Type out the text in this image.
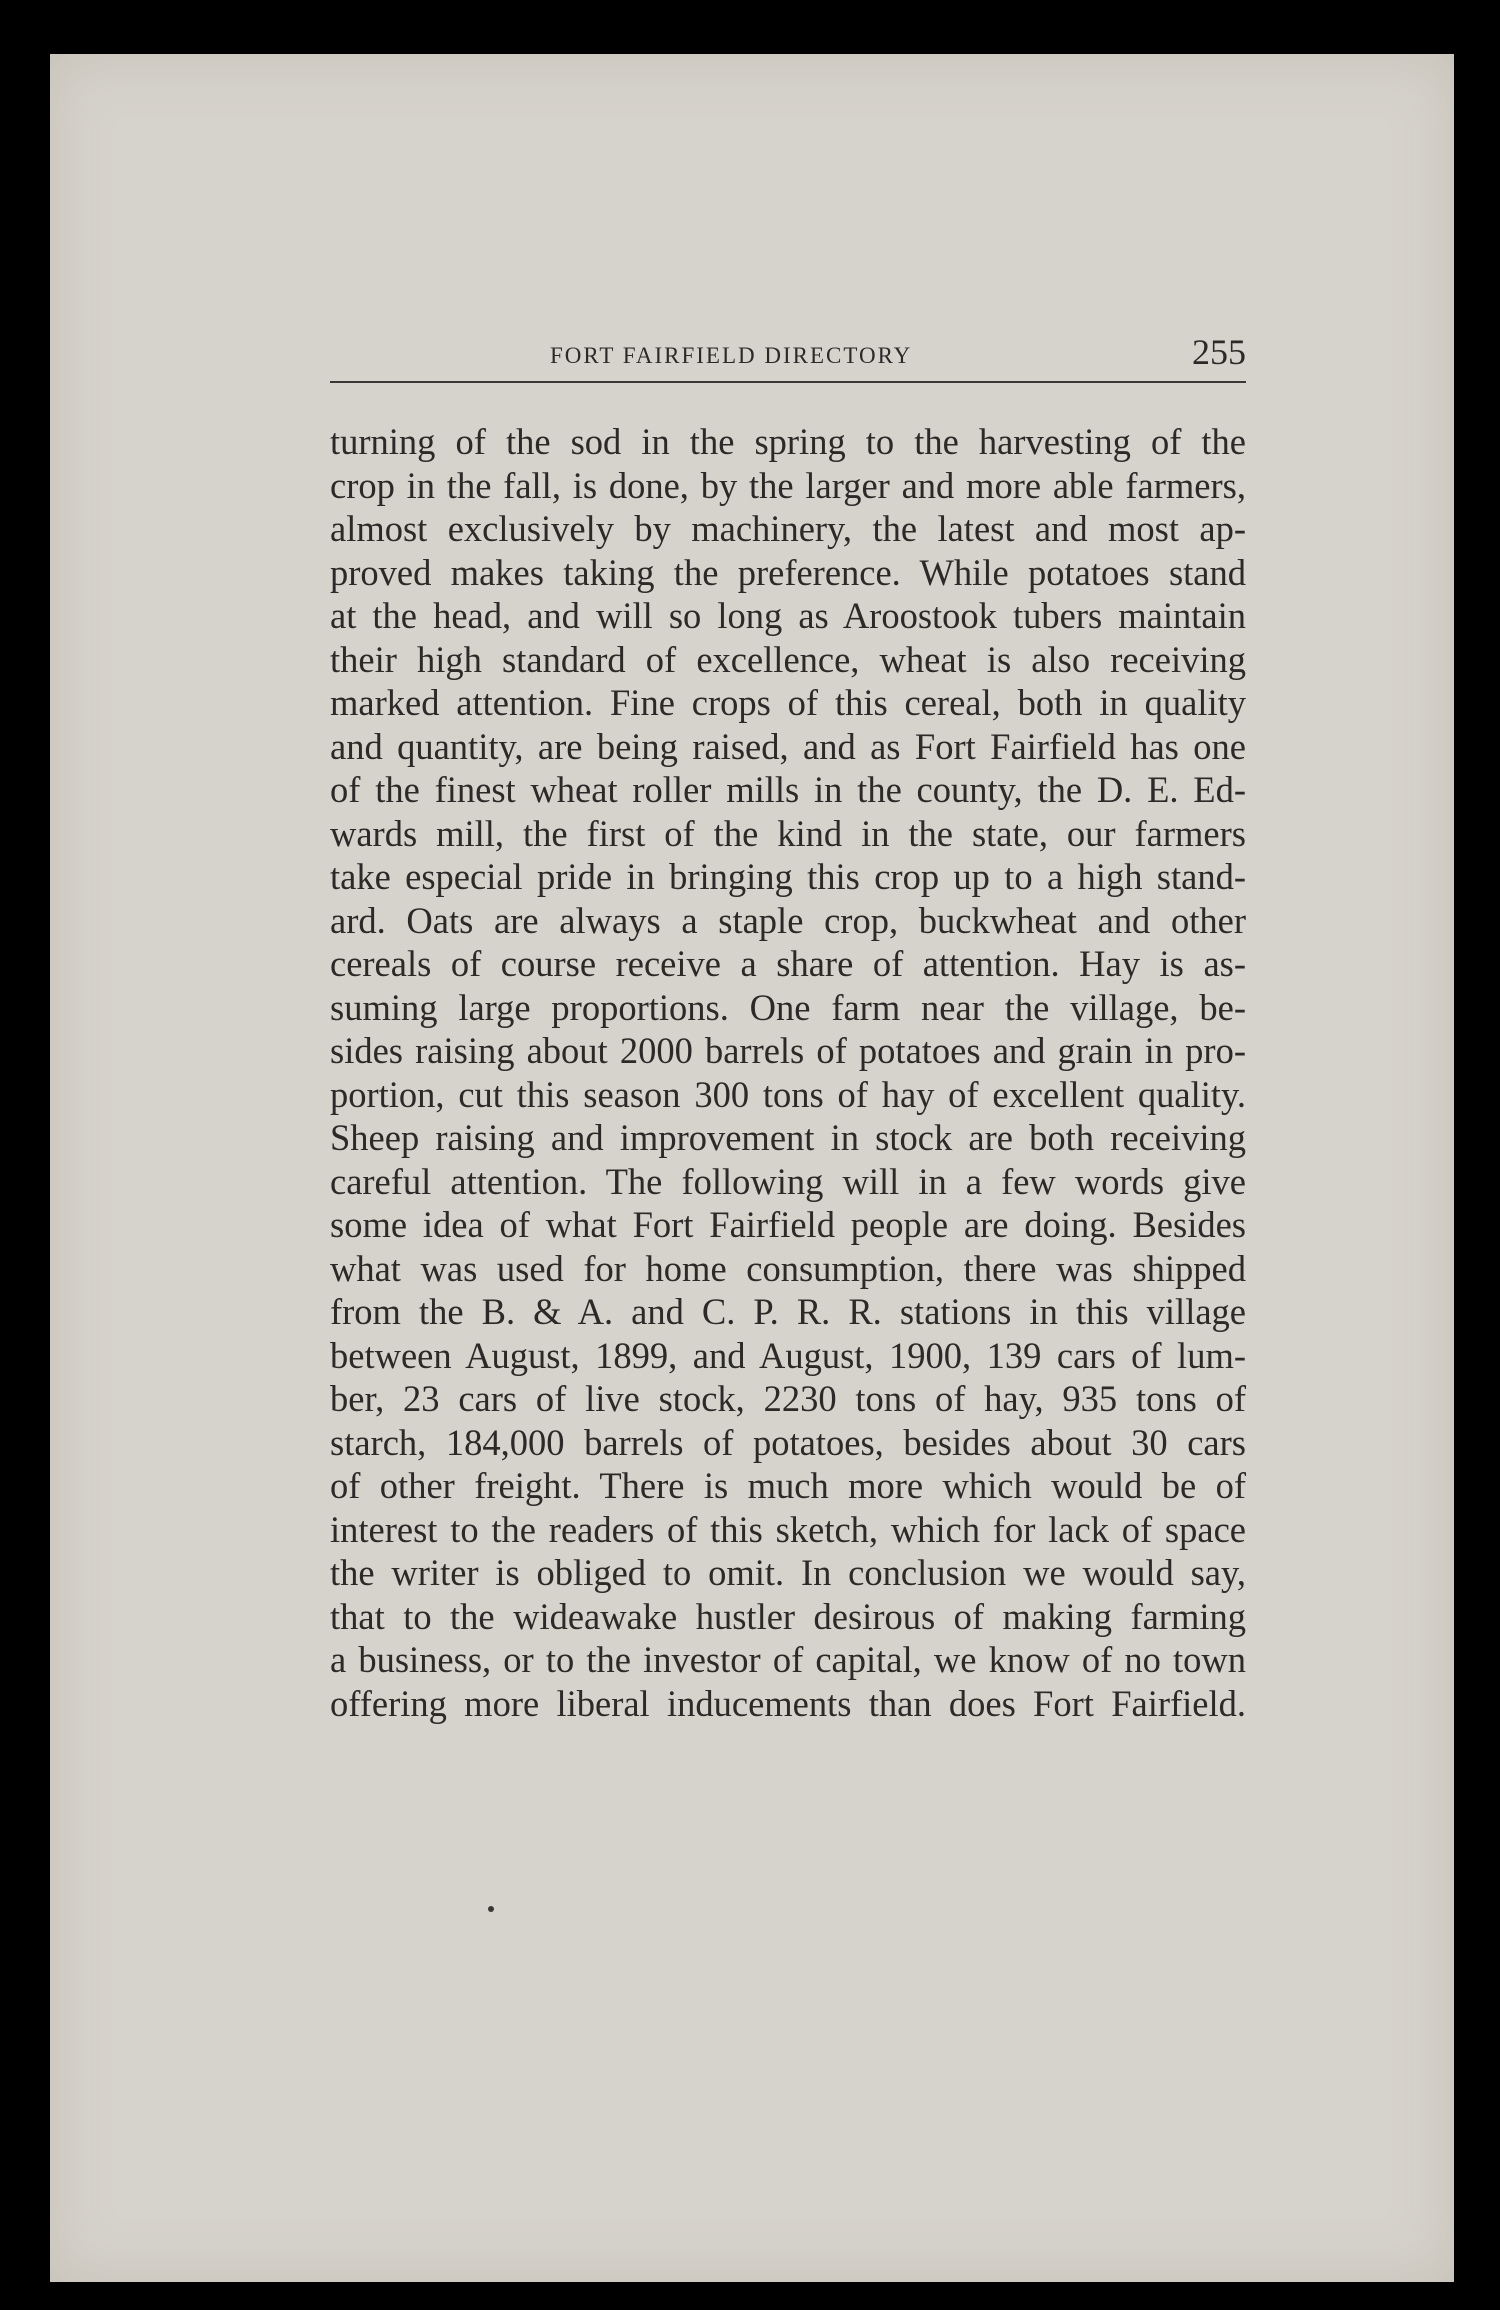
FORT FAIRFIELD DIRECTORY	255
turning of the sod in the spring to the harvesting of the
crop in the fall, is done, by the larger and more able farmers,
almost exclusively by machinery, the latest and most ap-
proved makes taking the preference. While potatoes stand
at the head, and will so long as Aroostook tubers maintain
their high standard of excellence, wheat is also receiving
marked attention. Fine crops of this cereal, both in quality
and quantity, are being raised, and as Fort Fairfield has one
of the finest wheat roller mills in the county, the D. E. Ed-
wards mill, the first of the kind in the state, our farmers
take especial pride in bringing this crop up to a high stand-
ard. Oats are always a staple crop, buckwheat and other
cereals of course receive a share of attention. Hay is as-
suming large proportions. One farm near the village, be-
sides raising about 2000 barrels of potatoes and grain in pro-
portion, cut this season 300 tons of hay of excellent quality.
Sheep raising and improvement in stock are both receiving
careful attention. The following will in a few words give
some idea of what Fort Fairfield people are doing. Besides
what was used for home consumption, there was shipped
from the B. & A. and C. P. R. R. stations in this village
between August, 1899, and August, 1900, 139 cars of lum-
ber, 23 cars of live stock, 2230 tons of hay, 935 tons of
starch, 184,000 barrels of potatoes, besides about 30 cars
of other freight. There is much more which would be of
interest to the readers of this sketch, which for lack of space
the writer is obliged to omit. In conclusion we would say,
that to the wideawake hustler desirous of making farming
a business, or to the investor of capital, we know of no town
offering more liberal inducements than does Fort Fairfield.
